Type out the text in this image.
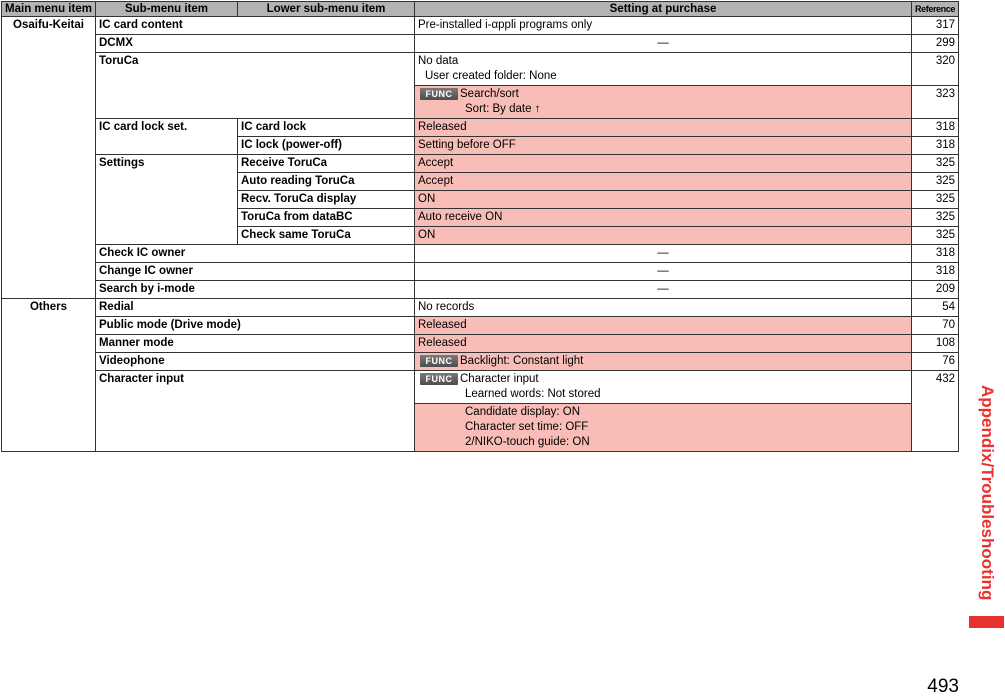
Main menu item	Sub-menu item	Lower sub-menu item	Setting at purchase	Reference
Osaifu-Keitai	IC card content		Pre-installed i-αppli programs only	317
	DCMX		—	299
	ToruCa		No data
User created folder: None	320
			FUNC Search/sort
Sort: By date ↑	323
	IC card lock set.	IC card lock	Released	318
		IC lock (power-off)	Setting before OFF	318
	Settings	Receive ToruCa	Accept	325
		Auto reading ToruCa	Accept	325
		Recv. ToruCa display	ON	325
		ToruCa from dataBC	Auto receive ON	325
		Check same ToruCa	ON	325
	Check IC owner		—	318
	Change IC owner		—	318
	Search by i-mode		—	209
Others	Redial		No records	54
	Public mode (Drive mode)		Released	70
	Manner mode		Released	108
	Videophone		FUNC Backlight: Constant light	76
	Character input		FUNC Character input
Learned words: Not stored	432

			Candidate display: ON
Character set time: OFF
2/NIKO-touch guide: ON		Appendix/Troubleshooting
493
